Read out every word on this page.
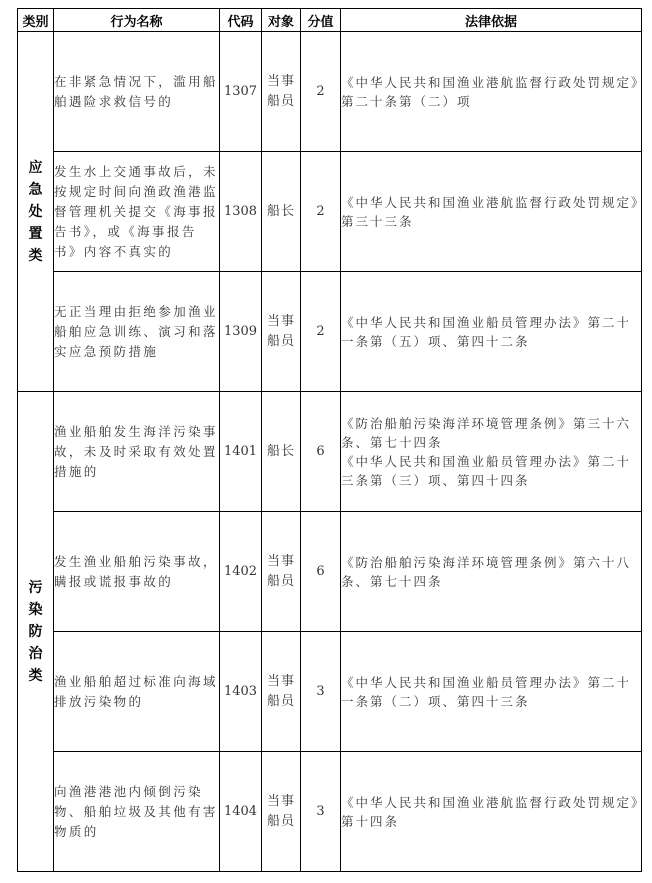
类别	行为名称	代码	对象	分值	法律依据
应急处置类	在非紧急情况下，滥用船舶遇险求救信号的	1307	当事船员	2	《中华人民共和国渔业港航监督行政处罚规定》第二十条第（二）项

	发生水上交通事故后，未按规定时间向渔政渔港监督管理机关提交《海事报告书》，或《海事报告书》内容不真实的	1308	船长	2	《中华人民共和国渔业港航监督行政处罚规定》第三十三条

	无正当理由拒绝参加渔业船舶应急训练、演习和落实应急预防措施	1309	当事船员	2	《中华人民共和国渔业船员管理办法》第二十一条第（五）项、第四十二条

污染防治类	渔业船舶发生海洋污染事故，未及时采取有效处置措施的	1401	船长	6	《防治船舶污染海洋环境管理条例》第三十六条、第七十四条
《中华人民共和国渔业船员管理办法》第二十三条第（三）项、第四十四条

	发生渔业船舶污染事故，瞒报或谎报事故的	1402	当事船员	6	《防治船舶污染海洋环境管理条例》第六十八条、第七十四条

	渔业船舶超过标准向海域排放污染物的	1403	当事船员	3	《中华人民共和国渔业船员管理办法》第二十一条第（二）项、第四十三条

	向渔港港池内倾倒污染物、船舶垃圾及其他有害物质的	1404	当事船员	3	《中华人民共和国渔业港航监督行政处罚规定》第十四条
